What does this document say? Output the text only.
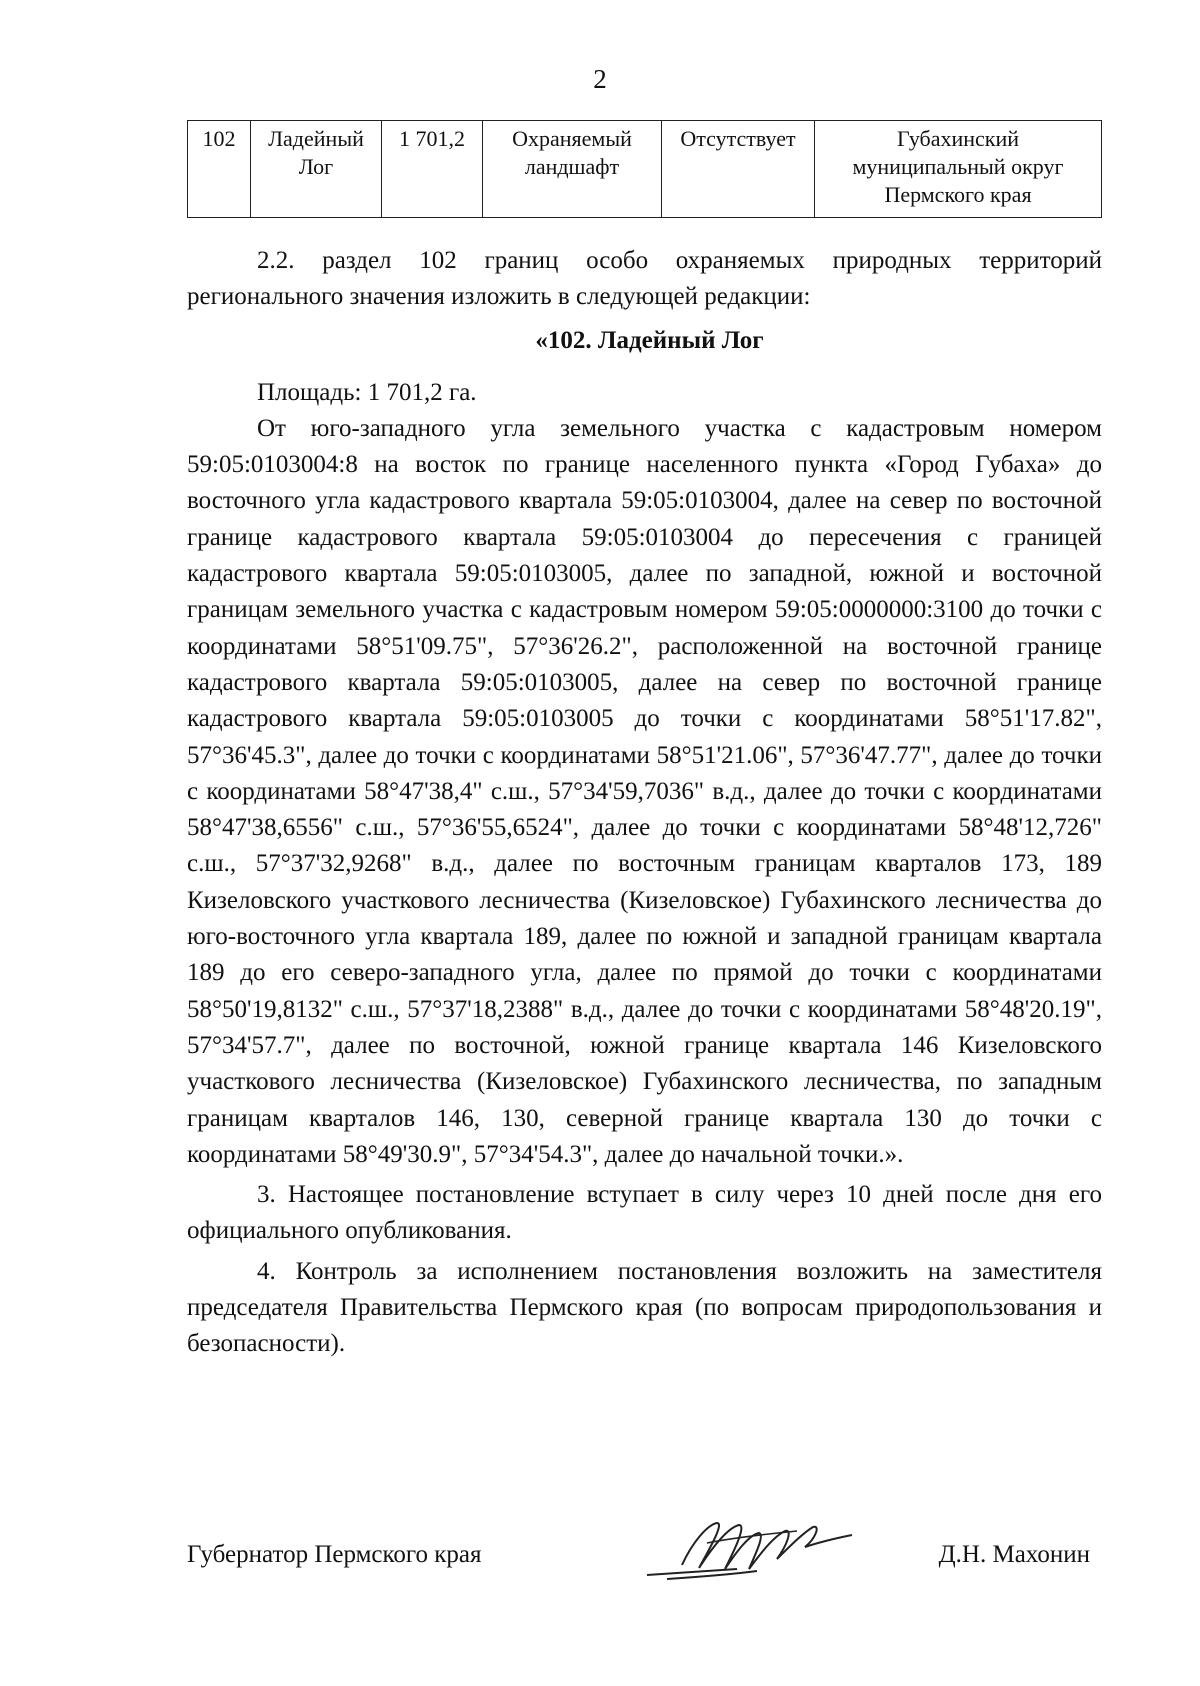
2
102	Ладейный Лог	1 701,2	Охраняемый ландшафт	Отсутствует	Губахинский муниципальный округ Пермского края

2.2. раздел 102 границ особо охраняемых природных территорий регионального значения изложить в следующей редакции:

«102. Ладейный Лог

Площадь: 1 701,2 га.

От юго-западного угла земельного участка с кадастровым номером 59:05:0103004:8 на восток по границе населенного пункта «Город Губаха» до восточного угла кадастрового квартала 59:05:0103004, далее на север по восточной границе кадастрового квартала 59:05:0103004 до пересечения с границей кадастрового квартала 59:05:0103005, далее по западной, южной и восточной границам земельного участка с кадастровым номером 59:05:0000000:3100 до точки с координатами 58°51'09.75", 57°36'26.2", расположенной на восточной границе кадастрового квартала 59:05:0103005, далее на север по восточной границе кадастрового квартала 59:05:0103005 до точки с координатами 58°51'17.82", 57°36'45.3", далее до точки с координатами 58°51'21.06", 57°36'47.77", далее до точки с координатами 58°47'38,4" с.ш., 57°34'59,7036" в.д., далее до точки с координатами 58°47'38,6556" с.ш., 57°36'55,6524", далее до точки с координатами 58°48'12,726" с.ш., 57°37'32,9268" в.д., далее по восточным границам кварталов 173, 189 Кизеловского участкового лесничества (Кизеловское) Губахинского лесничества до юго-восточного угла квартала 189, далее по южной и западной границам квартала 189 до его северо-западного угла, далее по прямой до точки с координатами 58°50'19,8132" с.ш., 57°37'18,2388" в.д., далее до точки с координатами 58°48'20.19", 57°34'57.7", далее по восточной, южной границе квартала 146 Кизеловского участкового лесничества (Кизеловское) Губахинского лесничества, по западным границам кварталов 146, 130, северной границе квартала 130 до точки с координатами 58°49'30.9", 57°34'54.3", далее до начальной точки.».

3. Настоящее постановление вступает в силу через 10 дней после дня его официального опубликования.

4. Контроль за исполнением постановления возложить на заместителя председателя Правительства Пермского края (по вопросам природопользования и безопасности).

Губернатор Пермского края	Д.Н. Махонин
